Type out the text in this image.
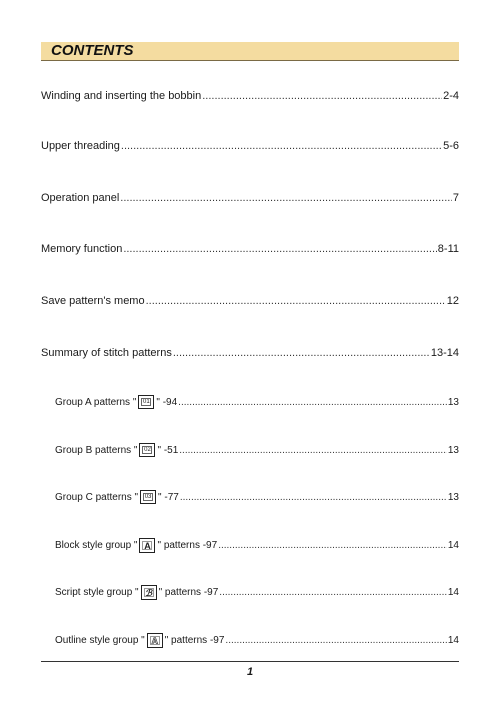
CONTENTS
Winding and inserting the bobbin .....	2-4
Upper threading .....	5-6
Operation panel .....	7
Memory function .....	8-11
Save pattern's memo .....	12
Summary of stitch patterns .....	13-14
Group A patterns " 01 " -94 .....	13
Group B patterns " 02 " -51 .....	13
Group C patterns " 03 " -77 .....	13
Block style group " A " patterns -97 .....	14
Script style group " ℬ " patterns -97 .....	14
Outline style group " A " patterns -97 .....	14
1
